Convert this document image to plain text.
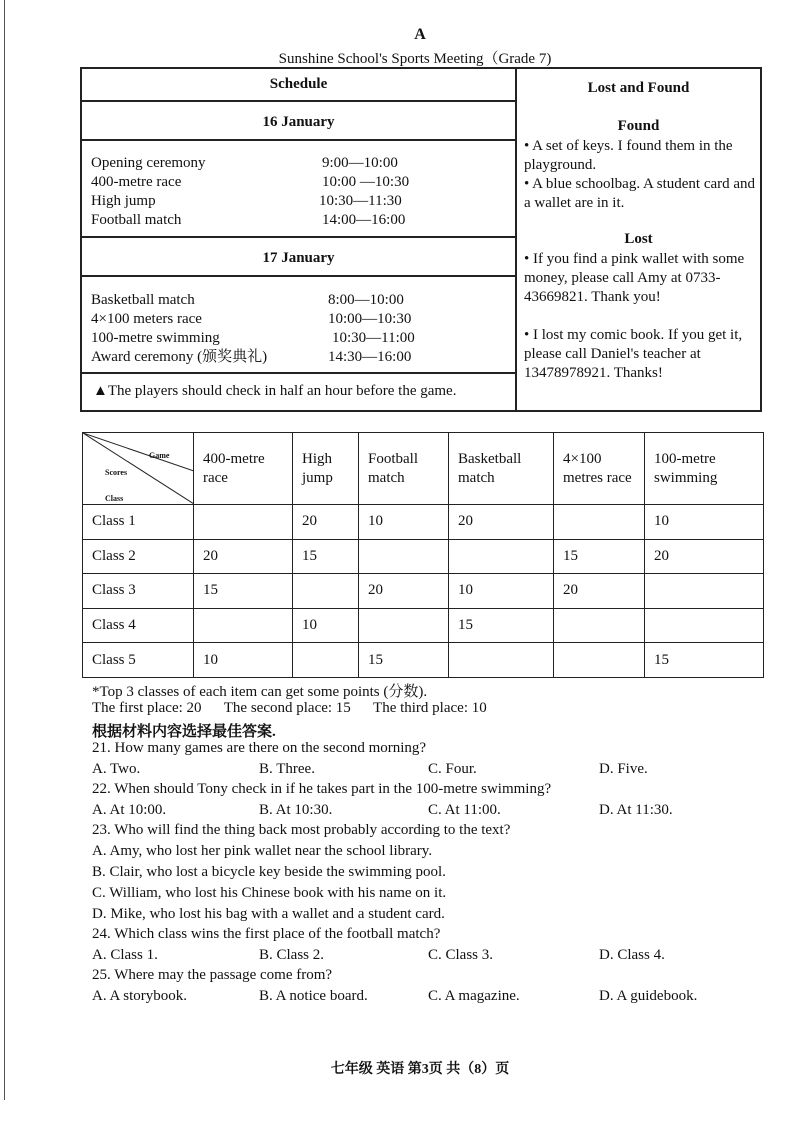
A
Sunshine School's Sports Meeting（Grade 7)
Schedule
16 January
Opening ceremony	9:00—10:00
400-metre race	10:00 —10:30
High jump	10:30—11:30
Football match	14:00—16:00
17 January
Basketball match	8:00—10:00
4×100 meters race	10:00—10:30
100-metre swimming	10:30—11:00
Award ceremony (颁奖典礼)	14:30—16:00
▲The players should check in half an hour before the game.
Lost and Found
Found
• A set of keys. I found them in the playground.
• A blue schoolbag. A student card and a wallet are in it.
Lost
• If you find a pink wallet with some money, please call Amy at 0733-43669821. Thank you!
• I lost my comic book. If you get it, please call Daniel's teacher at 13478978921. Thanks!
Game
Scores
Class	400-metre race	High jump	Football match	Basketball match	4×100 metres race	100-metre swimming
Class 1		20	10	20		10
Class 2	20	15			15	20
Class 3	15		20	10	20	
Class 4		10		15		
Class 5	10		15			15
*Top 3 classes of each item can get some points (分数).
The first place: 20      The second place: 15      The third place: 10
根据材料内容选择最佳答案.
21. How many games are there on the second morning?
A. Two.	B. Three.	C. Four.	D. Five.
22. When should Tony check in if he takes part in the 100-metre swimming?
A. At 10:00.	B. At 10:30.	C. At 11:00.	D. At 11:30.
23. Who will find the thing back most probably according to the text?
A. Amy, who lost her pink wallet near the school library.
B. Clair, who lost a bicycle key beside the swimming pool.
C. William, who lost his Chinese book with his name on it.
D. Mike, who lost his bag with a wallet and a student card.
24. Which class wins the first place of the football match?
A. Class 1.	B. Class 2.	C. Class 3.	D. Class 4.
25. Where may the passage come from?
A. A storybook.	B. A notice board.	C. A magazine.	D. A guidebook.
七年级 英语 第3页 共（8）页
